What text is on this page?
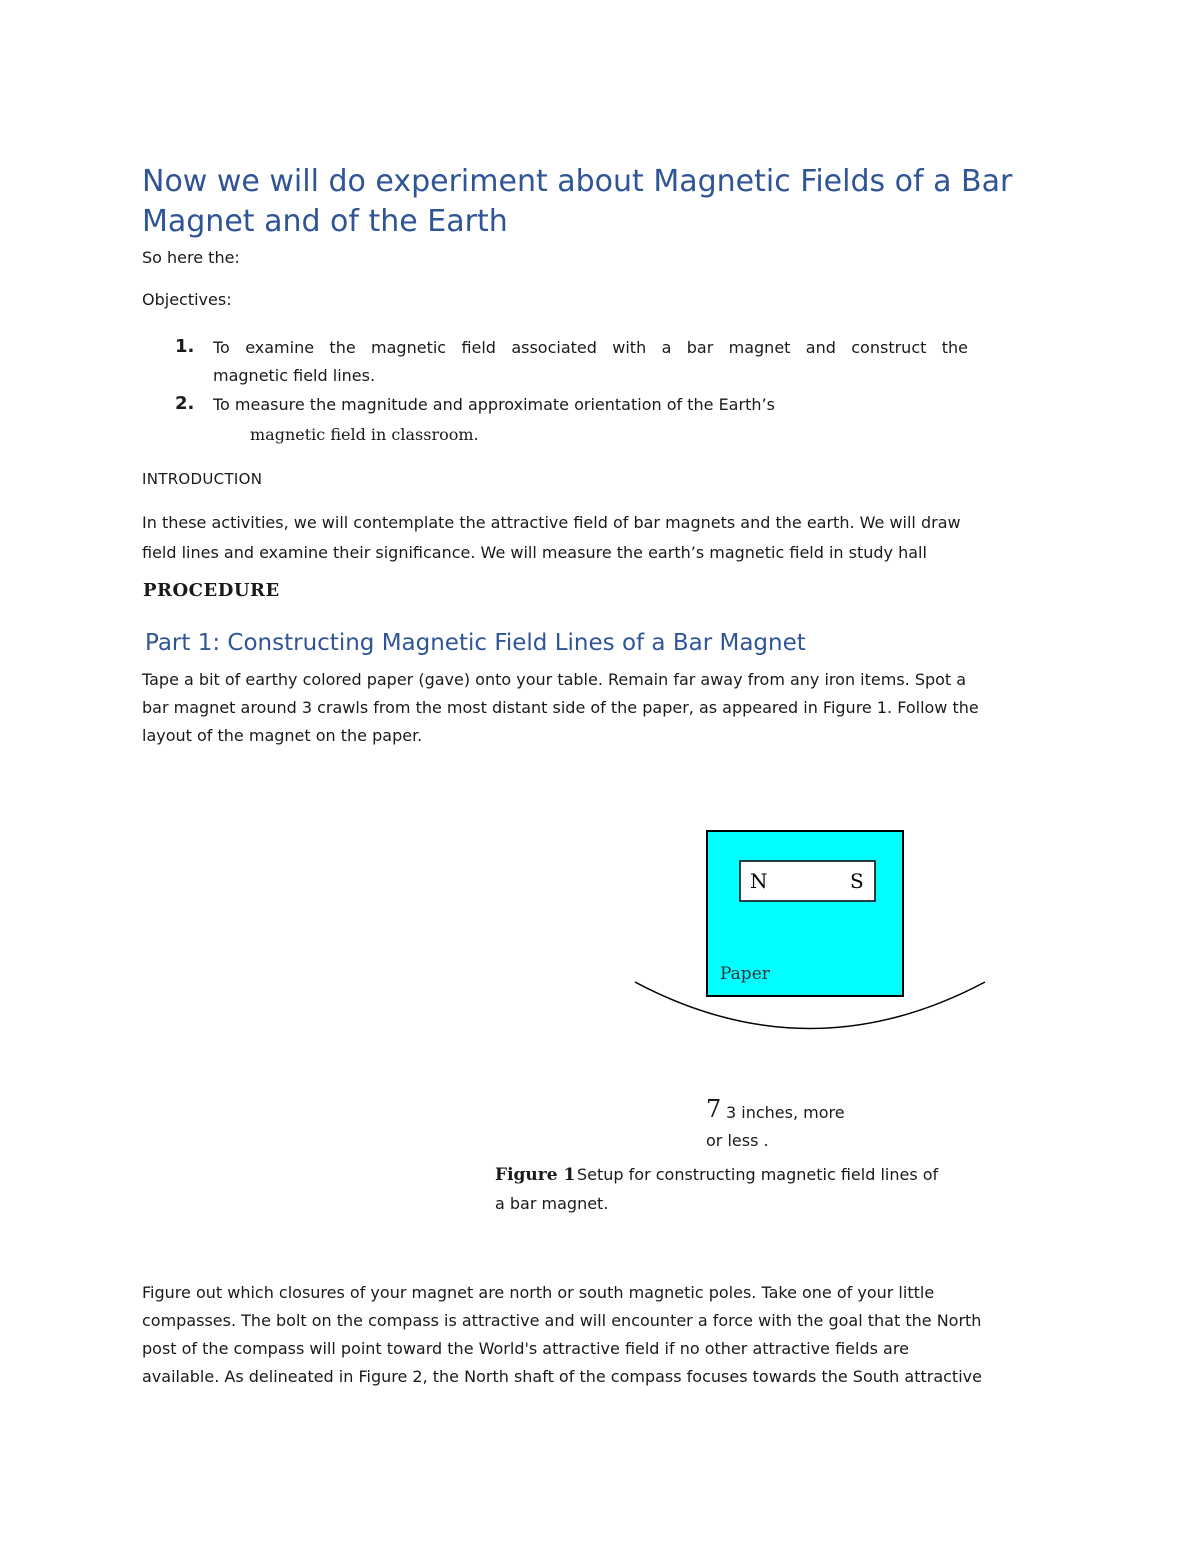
Now we will do experiment about Magnetic Fields of a Bar Magnet and of the Earth

So here the:

Objectives:

1. To examine the magnetic field associated with a bar magnet and construct the

magnetic field lines.

2. To measure the magnitude and approximate orientation of the Earth’s

magnetic field in classroom.

INTRODUCTION

In these activities, we will contemplate the attractive field of bar magnets and the earth. We will draw

field lines and examine their significance. We will measure the earth’s magnetic field in study hall

PROCEDURE
Part 1: Constructing Magnetic Field Lines of a Bar Magnet

Tape a bit of earthy colored paper (gave) onto your table. Remain far away from any iron items. Spot a

bar magnet around 3 crawls from the most distant side of the paper, as appeared in Figure 1. Follow the

layout of the magnet on the paper.

N	S
Paper
7 3 inches, more
or less .
Figure 1 Setup for constructing magnetic field lines of
a bar magnet.

Figure out which closures of your magnet are north or south magnetic poles. Take one of your little

compasses. The bolt on the compass is attractive and will encounter a force with the goal that the North

post of the compass will point toward the World's attractive field if no other attractive fields are

available. As delineated in Figure 2, the North shaft of the compass focuses towards the South attractive
